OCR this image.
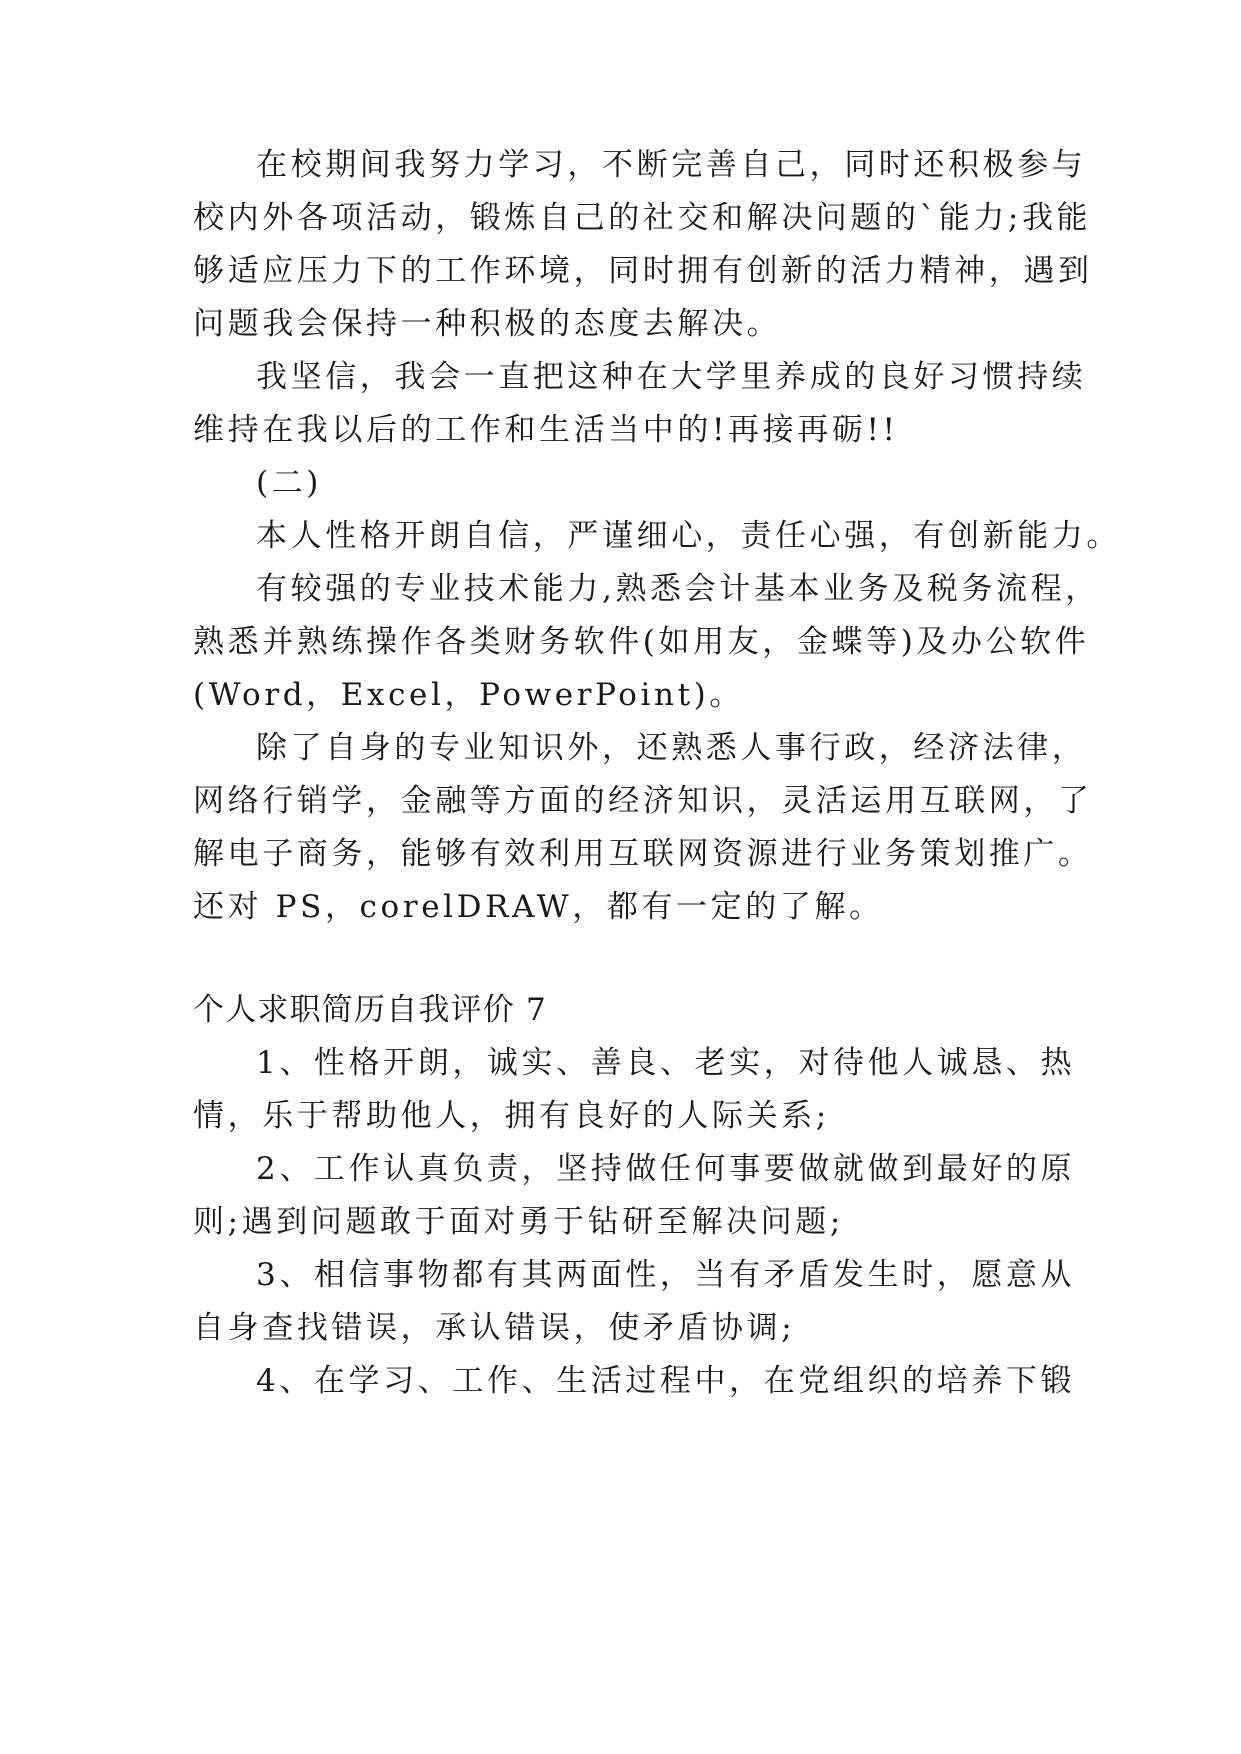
在校期间我努力学习，不断完善自己，同时还积极参与
校内外各项活动，锻炼自己的社交和解决问题的`能力;我能
够适应压力下的工作环境，同时拥有创新的活力精神，遇到
问题我会保持一种积极的态度去解决。
我坚信，我会一直把这种在大学里养成的良好习惯持续
维持在我以后的工作和生活当中的!再接再砺!!
(二)
本人性格开朗自信，严谨细心，责任心强，有创新能力。
有较强的专业技术能力,熟悉会计基本业务及税务流程，
熟悉并熟练操作各类财务软件(如用友，金蝶等)及办公软件
(Word，Excel，PowerPoint)。
除了自身的专业知识外，还熟悉人事行政，经济法律，
网络行销学，金融等方面的经济知识，灵活运用互联网，了
解电子商务，能够有效利用互联网资源进行业务策划推广。
还对 PS，corelDRAW，都有一定的了解。
个人求职简历自我评价 7
1、性格开朗，诚实、善良、老实，对待他人诚恳、热
情，乐于帮助他人，拥有良好的人际关系;
2、工作认真负责，坚持做任何事要做就做到最好的原
则;遇到问题敢于面对勇于钻研至解决问题;
3、相信事物都有其两面性，当有矛盾发生时，愿意从
自身查找错误，承认错误，使矛盾协调;
4、在学习、工作、生活过程中，在党组织的培养下锻
